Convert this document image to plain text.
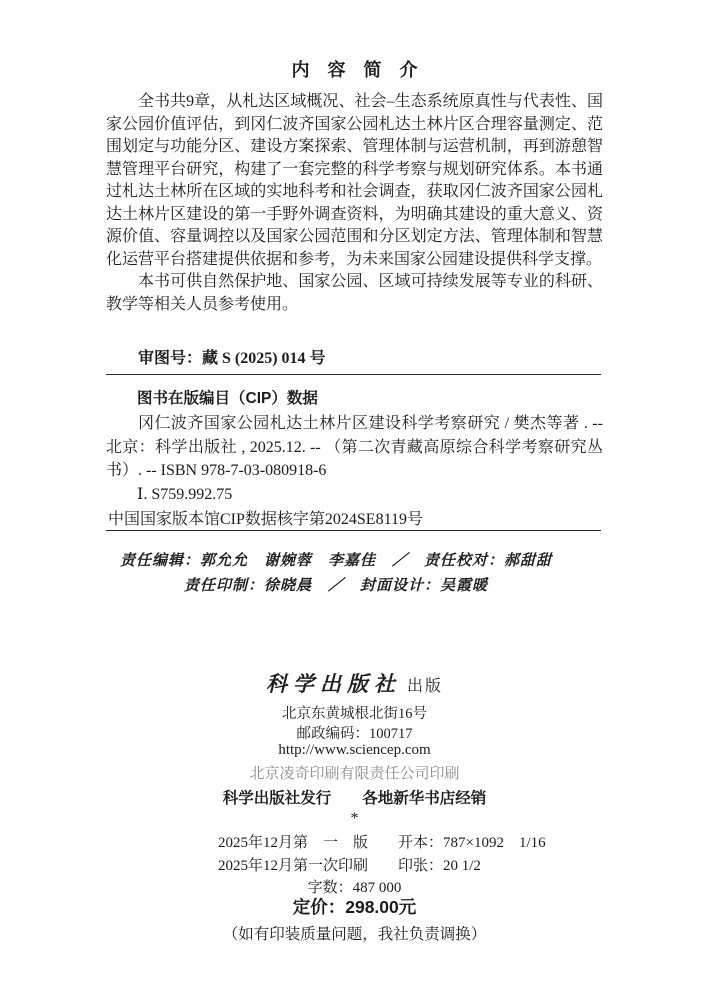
内　容　简　介
全书共9章，从札达区域概况、社会–生态系统原真性与代表性、国家公园价值评估，到冈仁波齐国家公园札达土林片区合理容量测定、范围划定与功能分区、建设方案探索、管理体制与运营机制，再到游憩智慧管理平台研究，构建了一套完整的科学考察与规划研究体系。本书通过札达土林所在区域的实地科考和社会调查，获取冈仁波齐国家公园札达土林片区建设的第一手野外调查资料，为明确其建设的重大意义、资源价值、容量调控以及国家公园范围和分区划定方法、管理体制和智慧化运营平台搭建提供依据和参考，为未来国家公园建设提供科学支撑。
本书可供自然保护地、国家公园、区域可持续发展等专业的科研、教学等相关人员参考使用。
审图号：藏 S (2025) 014 号
图书在版编目（CIP）数据
冈仁波齐国家公园札达土林片区建设科学考察研究 / 樊杰等著 . -- 北京：科学出版社 , 2025.12. -- （第二次青藏高原综合科学考察研究丛书）. -- ISBN 978-7-03-080918-6
Ⅰ. S759.992.75
中国国家版本馆CIP数据核字第2024SE8119号
责任编辑：郭允允　谢婉蓉　李嘉佳　／　责任校对：郝甜甜
责任印制：徐晓晨　／　封面设计：吴霞暖
科学出版社 出版
北京东黄城根北街16号
邮政编码：100717
http://www.sciencep.com
北京凌奇印刷有限责任公司印刷
科学出版社发行　　各地新华书店经销
*
2025年12月第　一　版　　开本：787×1092　1/16
2025年12月第一次印刷　　印张：20 1/2
字数：487 000
定价：298.00元
（如有印装质量问题，我社负责调换）
